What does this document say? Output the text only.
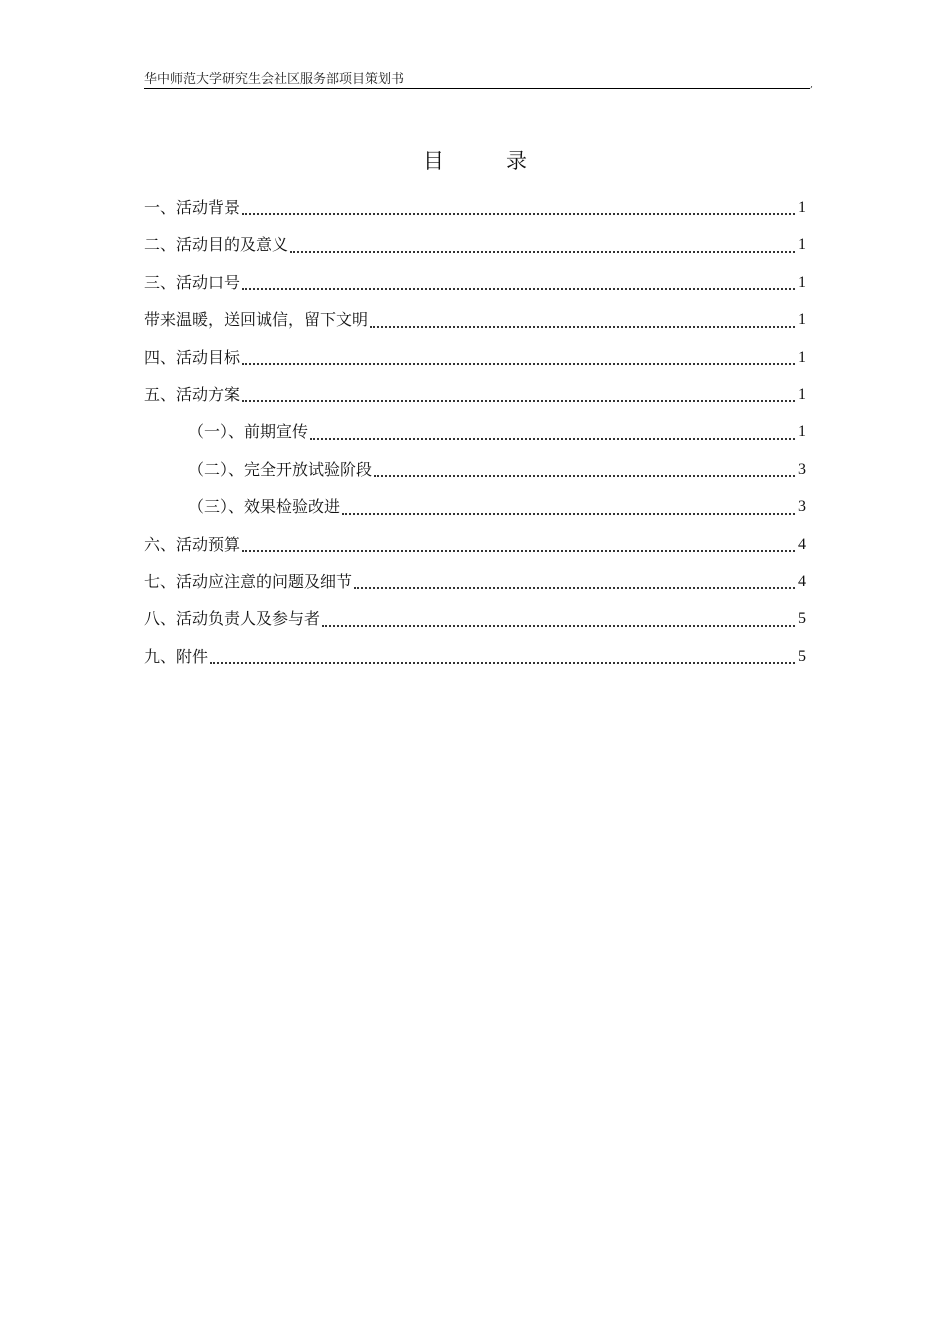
华中师范大学研究生会社区服务部项目策划书	,
目	录
一、活动背景	1
二、活动目的及意义	1
三、活动口号	1
带来温暖，送回诚信，留下文明	1
四、活动目标	1
五、活动方案	1
（一）、前期宣传	1
（二）、完全开放试验阶段	3
（三）、效果检验改进	3
六、活动预算	4
七、活动应注意的问题及细节	4
八、活动负责人及参与者	5
九、附件	5
